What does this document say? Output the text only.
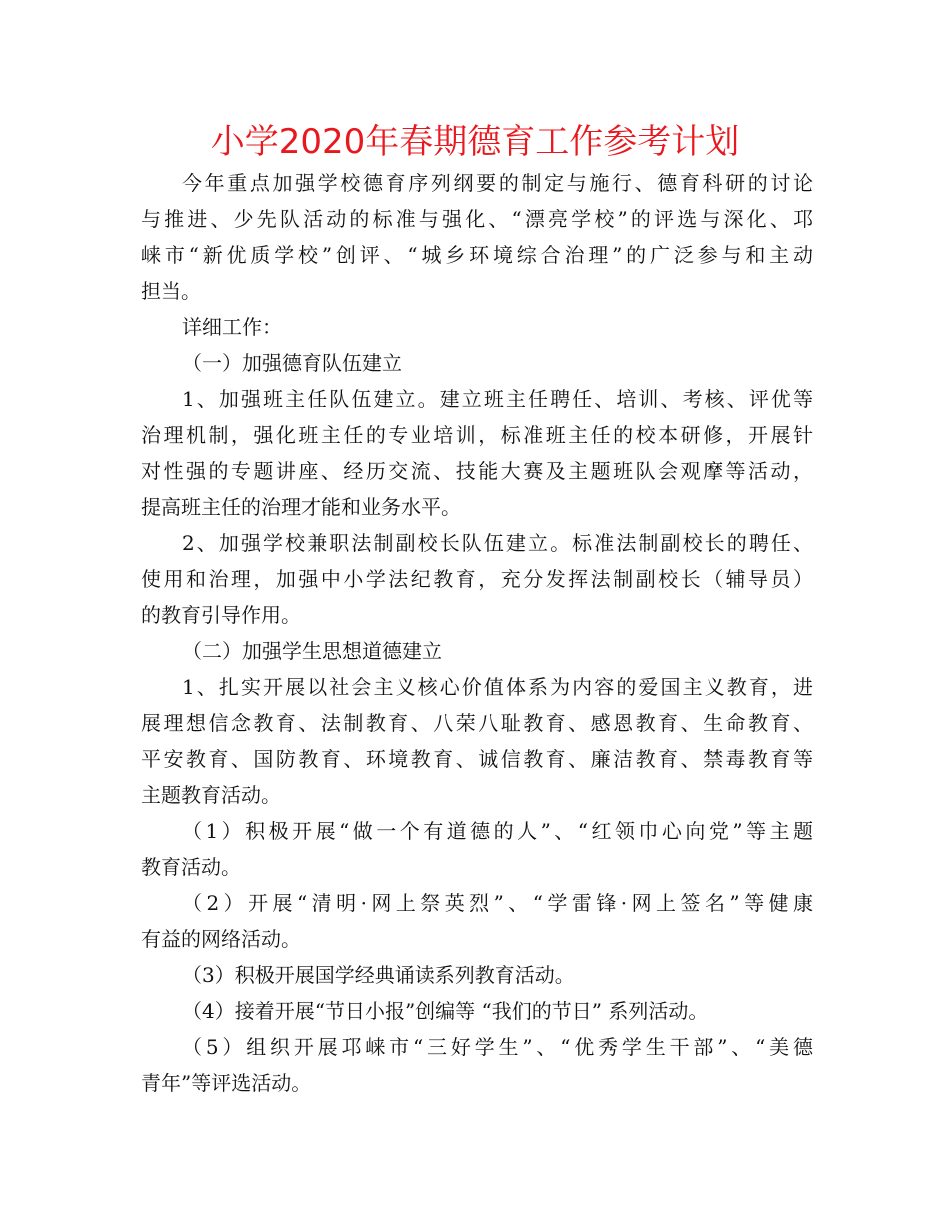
小学2020年春期德育工作参考计划
今年重点加强学校德育序列纲要的制定与施行、德育科研的讨论
与推进、少先队活动的标准与强化、“漂亮学校”的评选与深化、邛
崃市“新优质学校”创评、“城乡环境综合治理”的广泛参与和主动
担当。
详细工作：
（一）加强德育队伍建立
1、加强班主任队伍建立。建立班主任聘任、培训、考核、评优等
治理机制，强化班主任的专业培训，标准班主任的校本研修，开展针
对性强的专题讲座、经历交流、技能大赛及主题班队会观摩等活动，
提高班主任的治理才能和业务水平。
2、加强学校兼职法制副校长队伍建立。标准法制副校长的聘任、
使用和治理，加强中小学法纪教育，充分发挥法制副校长（辅导员）
的教育引导作用。
（二）加强学生思想道德建立
1、扎实开展以社会主义核心价值体系为内容的爱国主义教育，进
展理想信念教育、法制教育、八荣八耻教育、感恩教育、生命教育、
平安教育、国防教育、环境教育、诚信教育、廉洁教育、禁毒教育等
主题教育活动。
（1）积极开展“做一个有道德的人”、“红领巾心向党”等主题
教育活动。
（2）开展“清明·网上祭英烈”、“学雷锋·网上签名”等健康
有益的网络活动。
（3）积极开展国学经典诵读系列教育活动。
（4）接着开展“节日小报”创编等 “我们的节日” 系列活动。
（5）组织开展邛崃市“三好学生”、“优秀学生干部”、“美德
青年”等评选活动。
